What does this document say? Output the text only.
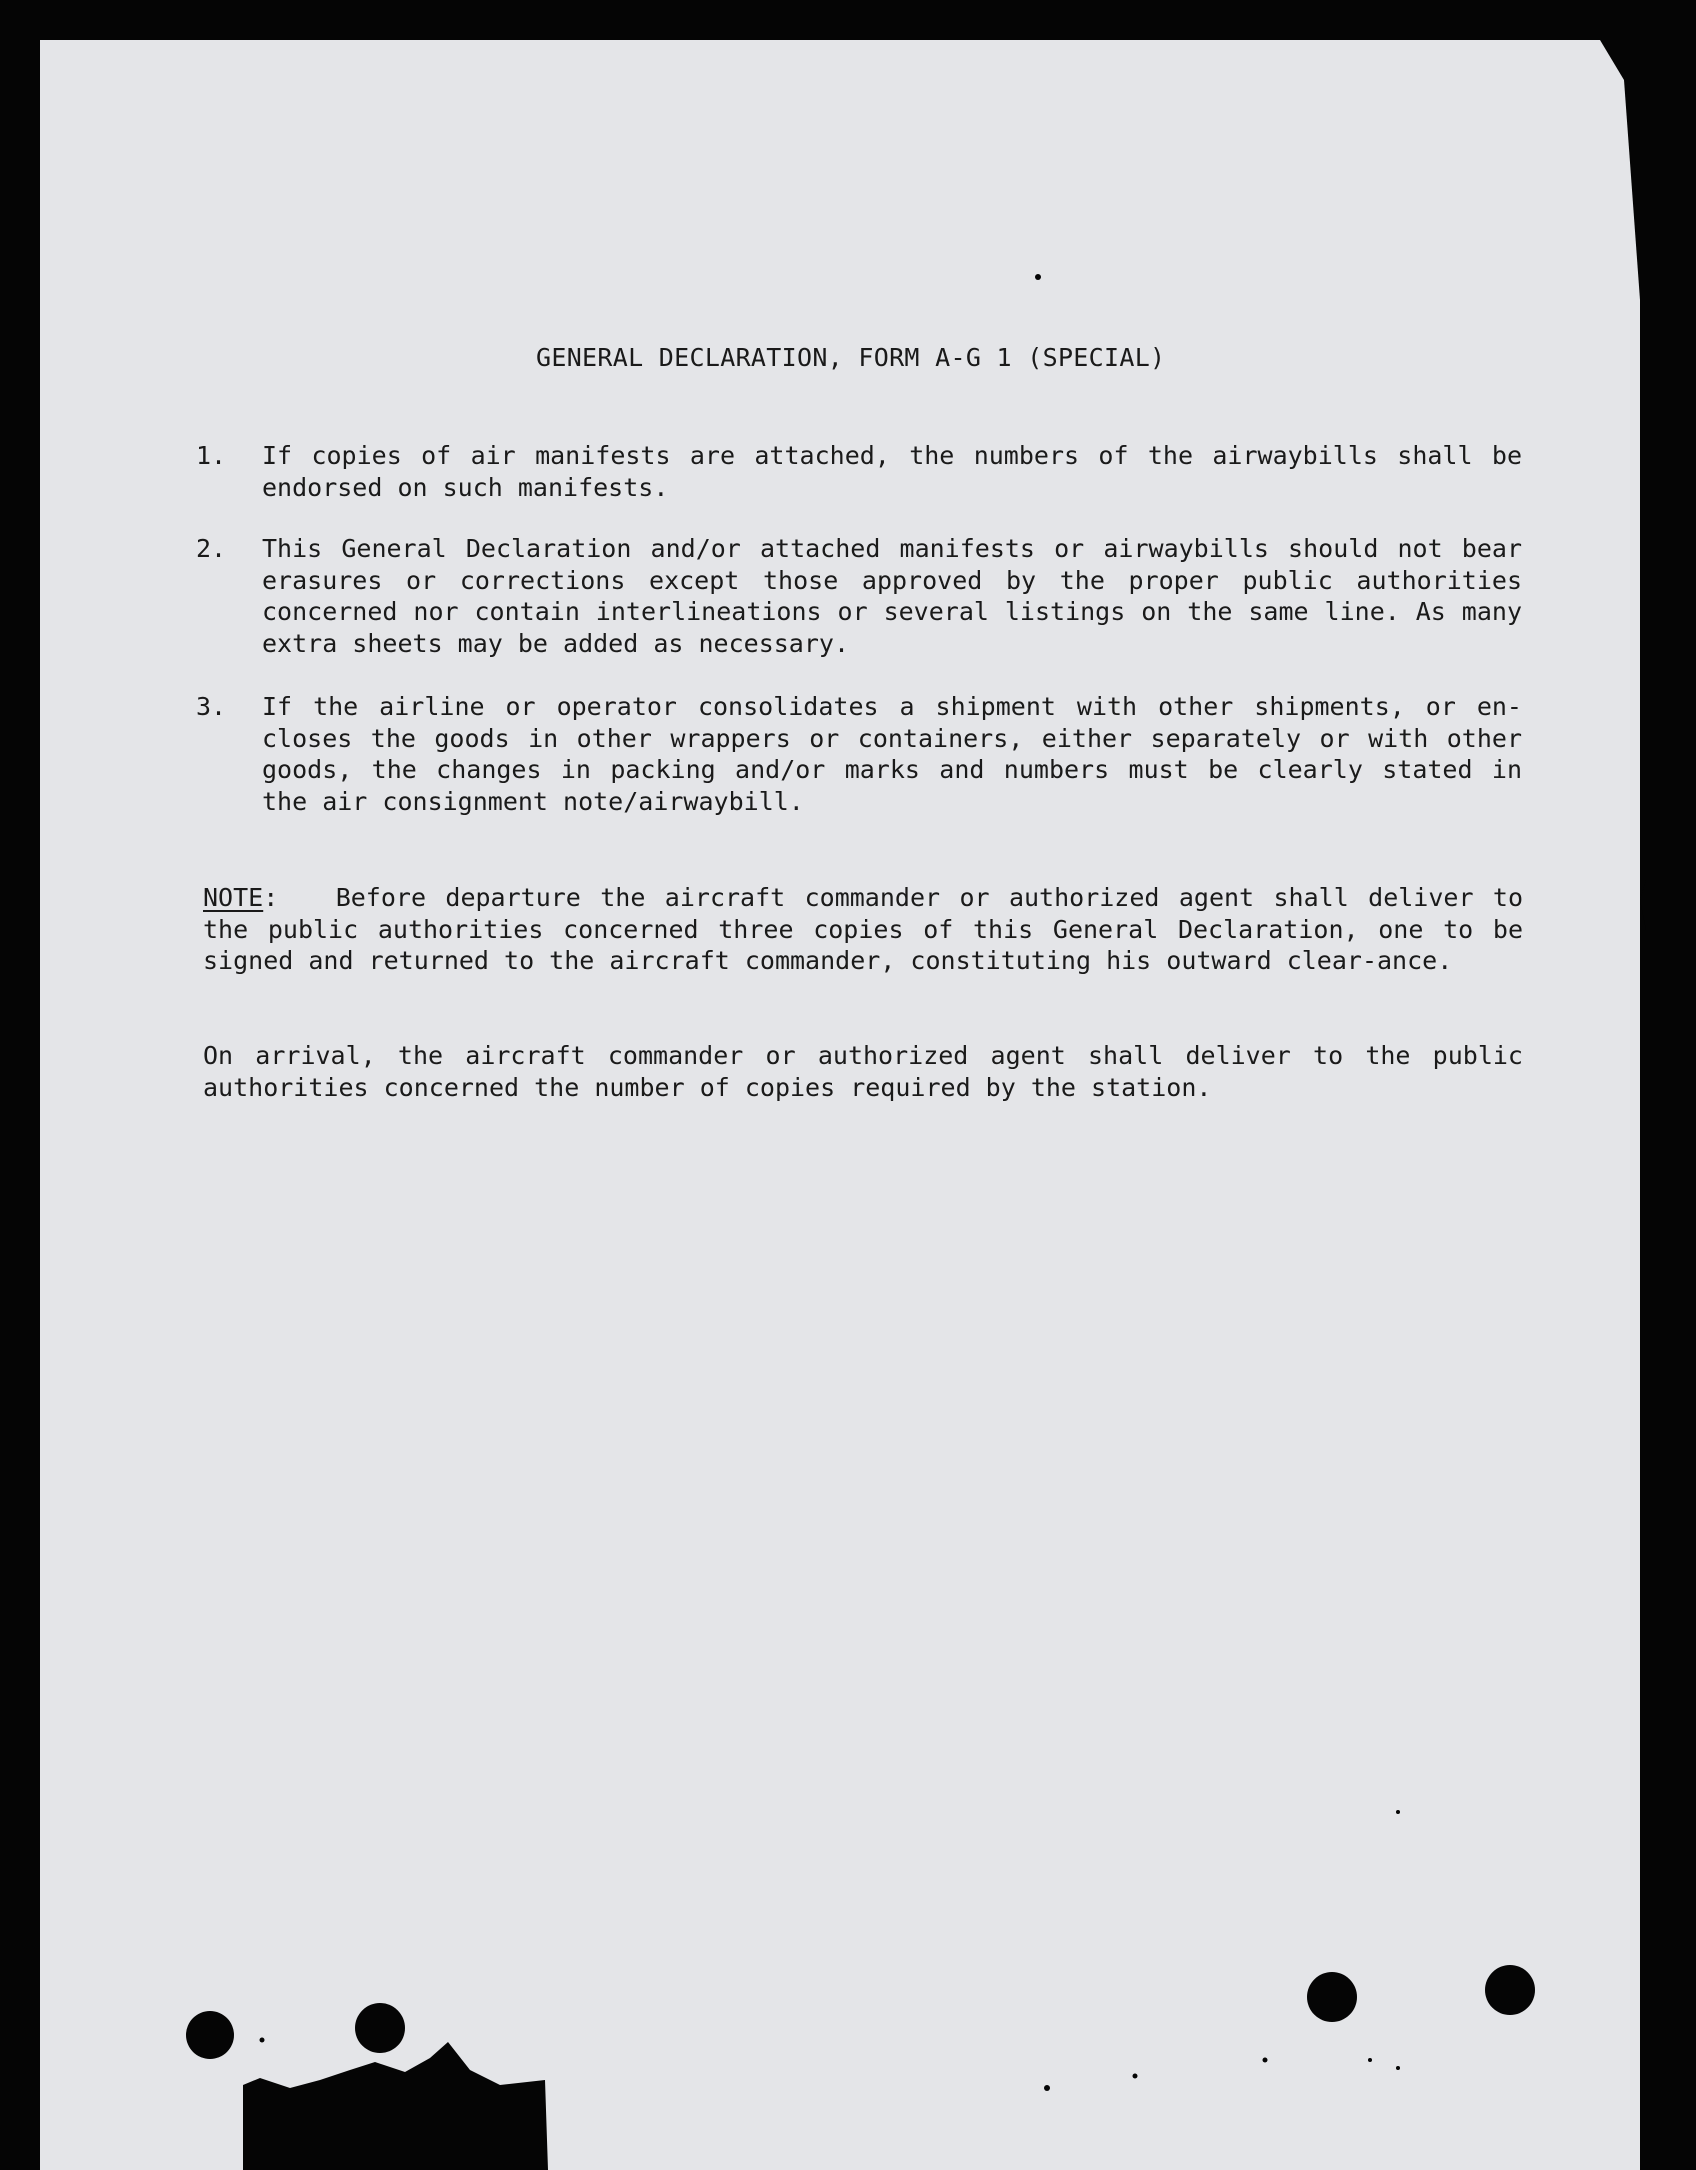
GENERAL DECLARATION, FORM A-G 1 (SPECIAL)
1.	If copies of air manifests are attached, the numbers of the airwaybills shall be endorsed on such manifests.
2.	This General Declaration and/or attached manifests or airwaybills should not bear erasures or corrections except those approved by the proper public authorities concerned nor contain interlineations or several listings on the same line. As many extra sheets may be added as necessary.
3.	If the airline or operator consolidates a shipment with other shipments, or en-closes the goods in other wrappers or containers, either separately or with other goods, the changes in packing and/or marks and numbers must be clearly stated in the air consignment note/airwaybill.
NOTE: Before departure the aircraft commander or authorized agent shall deliver to the public authorities concerned three copies of this General Declaration, one to be signed and returned to the aircraft commander, constituting his outward clear-ance.
On arrival, the aircraft commander or authorized agent shall deliver to the public authorities concerned the number of copies required by the station.
